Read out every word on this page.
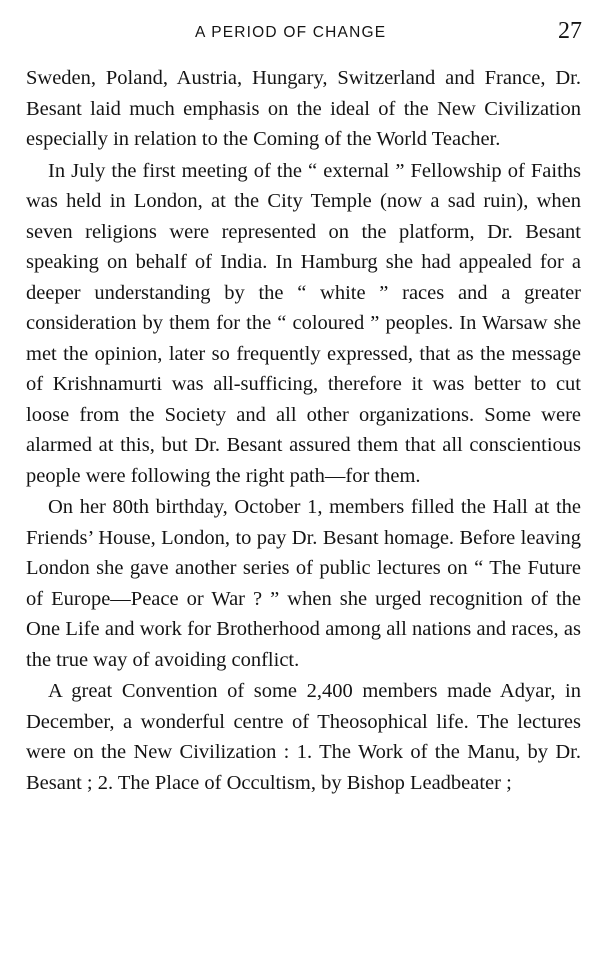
A PERIOD OF CHANGE	27

Sweden, Poland, Austria, Hungary, Switzerland and France, Dr. Besant laid much emphasis on the ideal of the New Civilization especially in relation to the Coming of the World Teacher.

In July the first meeting of the “ external ” Fellowship of Faiths was held in London, at the City Temple (now a sad ruin), when seven religions were represented on the platform, Dr. Besant speaking on behalf of India. In Hamburg she had appealed for a deeper understanding by the “ white ” races and a greater consideration by them for the “ coloured ” peoples. In Warsaw she met the opinion, later so frequently expressed, that as the message of Krishnamurti was all-sufficing, therefore it was better to cut loose from the Society and all other organizations. Some were alarmed at this, but Dr. Besant assured them that all conscientious people were following the right path—for them.

On her 80th birthday, October 1, members filled the Hall at the Friends’ House, London, to pay Dr. Besant homage. Before leaving London she gave another series of public lectures on “ The Future of Europe—Peace or War ? ” when she urged recognition of the One Life and work for Brotherhood among all nations and races, as the true way of avoiding conflict.

A great Convention of some 2,400 members made Adyar, in December, a wonderful centre of Theosophical life. The lectures were on the New Civilization : 1. The Work of the Manu, by Dr. Besant ; 2. The Place of Occultism, by Bishop Leadbeater ;
